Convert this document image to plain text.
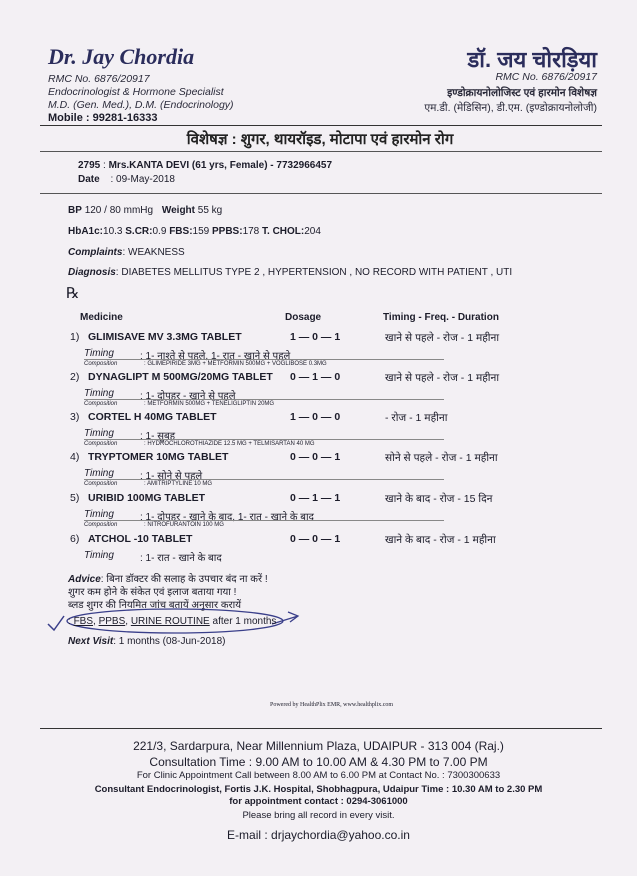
Dr. Jay Chordia
RMC No. 6876/20917
Endocrinologist & Hormone Specialist
M.D. (Gen. Med.), D.M. (Endocrinology)
Mobile : 99281-16333
डॉ. जय चोरड़िया
RMC No. 6876/20917
इण्डोक्रायनोलोजिस्ट एवं हारमोन विशेषज्ञ
एम.डी. (मेडिसिन), डी.एम. (इण्डोक्रायनोलोजी)
विशेषज्ञ : शुगर, थायरॉइड, मोटापा एवं हारमोन रोग
2795 : Mrs.KANTA DEVI (61 yrs, Female) - 7732966457
Date : 09-May-2018
BP 120 / 80 mmHg Weight 55 kg
HbA1c:10.3 S.CR:0.9 FBS:159 PPBS:178 T. CHOL:204
Complaints: WEAKNESS
Diagnosis: DIABETES MELLITUS TYPE 2 , HYPERTENSION , NO RECORD WITH PATIENT , UTI
℞
Medicine	Dosage	Timing - Freq. - Duration
1) GLIMISAVE MV 3.3MG TABLET	1 — 0 — 1	खाने से पहले - रोज - 1 महीना
Timing	: 1- नाश्ते से पहले, 1- रात - खाने से पहले
Composition	: GLIMEPIRIDE 3MG + METFORMIN 500MG + VOGLIBOSE 0.3MG
2) DYNAGLIPT M 500MG/20MG TABLET 0 — 1 — 0	खाने से पहले - रोज - 1 महीना
Timing	: 1- दोपहर - खाने से पहले
Composition	: METFORMIN 500MG + TENELIGLIPTIN 20MG
3) CORTEL H 40MG TABLET	1 — 0 — 0	- रोज - 1 महीना
Timing	: 1- सुबह
Composition	: HYDROCHLOROTHIAZIDE 12.5 MG + TELMISARTAN 40 MG
4) TRYPTOMER 10MG TABLET	0 — 0 — 1	सोने से पहले - रोज - 1 महीना
Timing	: 1- सोने से पहले
Composition	: AMITRIPTYLINE 10 MG
5) URIBID 100MG TABLET	0 — 1 — 1	खाने के बाद - रोज - 15 दिन
Timing	: 1- दोपहर - खाने के बाद, 1- रात - खाने के बाद
Composition	: NITROFURANTOIN 100 MG
6) ATCHOL -10 TABLET	0 — 0 — 1	खाने के बाद - रोज - 1 महीना
Timing	: 1- रात - खाने के बाद
Advice: बिना डॉक्टर की सलाह के उपचार बंद ना करें !
शुगर कम होने के संकेत एवं इलाज बताया गया !
ब्लड शुगर की नियमित जांच बतायें अनुसार करायें
: FBS, PPBS, URINE ROUTINE after 1 months
Next Visit: 1 months (08-Jun-2018)
Powered by HealthPlix EMR, www.healthplix.com
221/3, Sardarpura, Near Millennium Plaza, UDAIPUR - 313 004 (Raj.)
Consultation Time : 9.00 AM to 10.00 AM & 4.30 PM to 7.00 PM
For Clinic Appointment Call between 8.00 AM to 6.00 PM at Contact No. : 7300300633
Consultant Endocrinologist, Fortis J.K. Hospital, Shobhagpura, Udaipur Time : 10.30 AM to 2.30 PM
for appointment contact : 0294-3061000
Please bring all record in every visit.
E-mail : drjaychordia@yahoo.co.in
